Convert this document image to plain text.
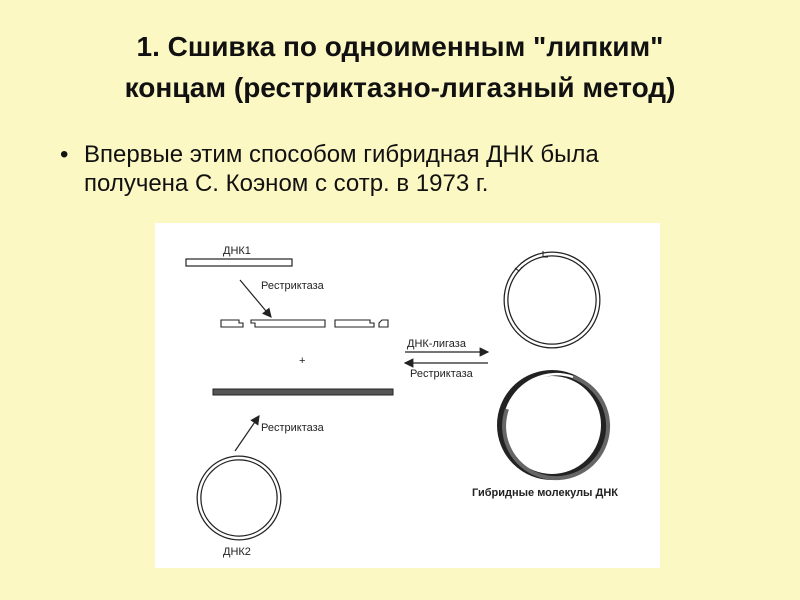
1. Сшивка по одноименным "липким"
концам (рестриктазно-лигазный метод)
• Впервые этим способом гибридная ДНК была
получена С. Коэном с сотр. в 1973 г.
ДНК1
Рестриктаза
+
Рестриктаза
ДНК2
ДНК-лигаза
Рестриктаза
Гибридные молекулы ДНК
